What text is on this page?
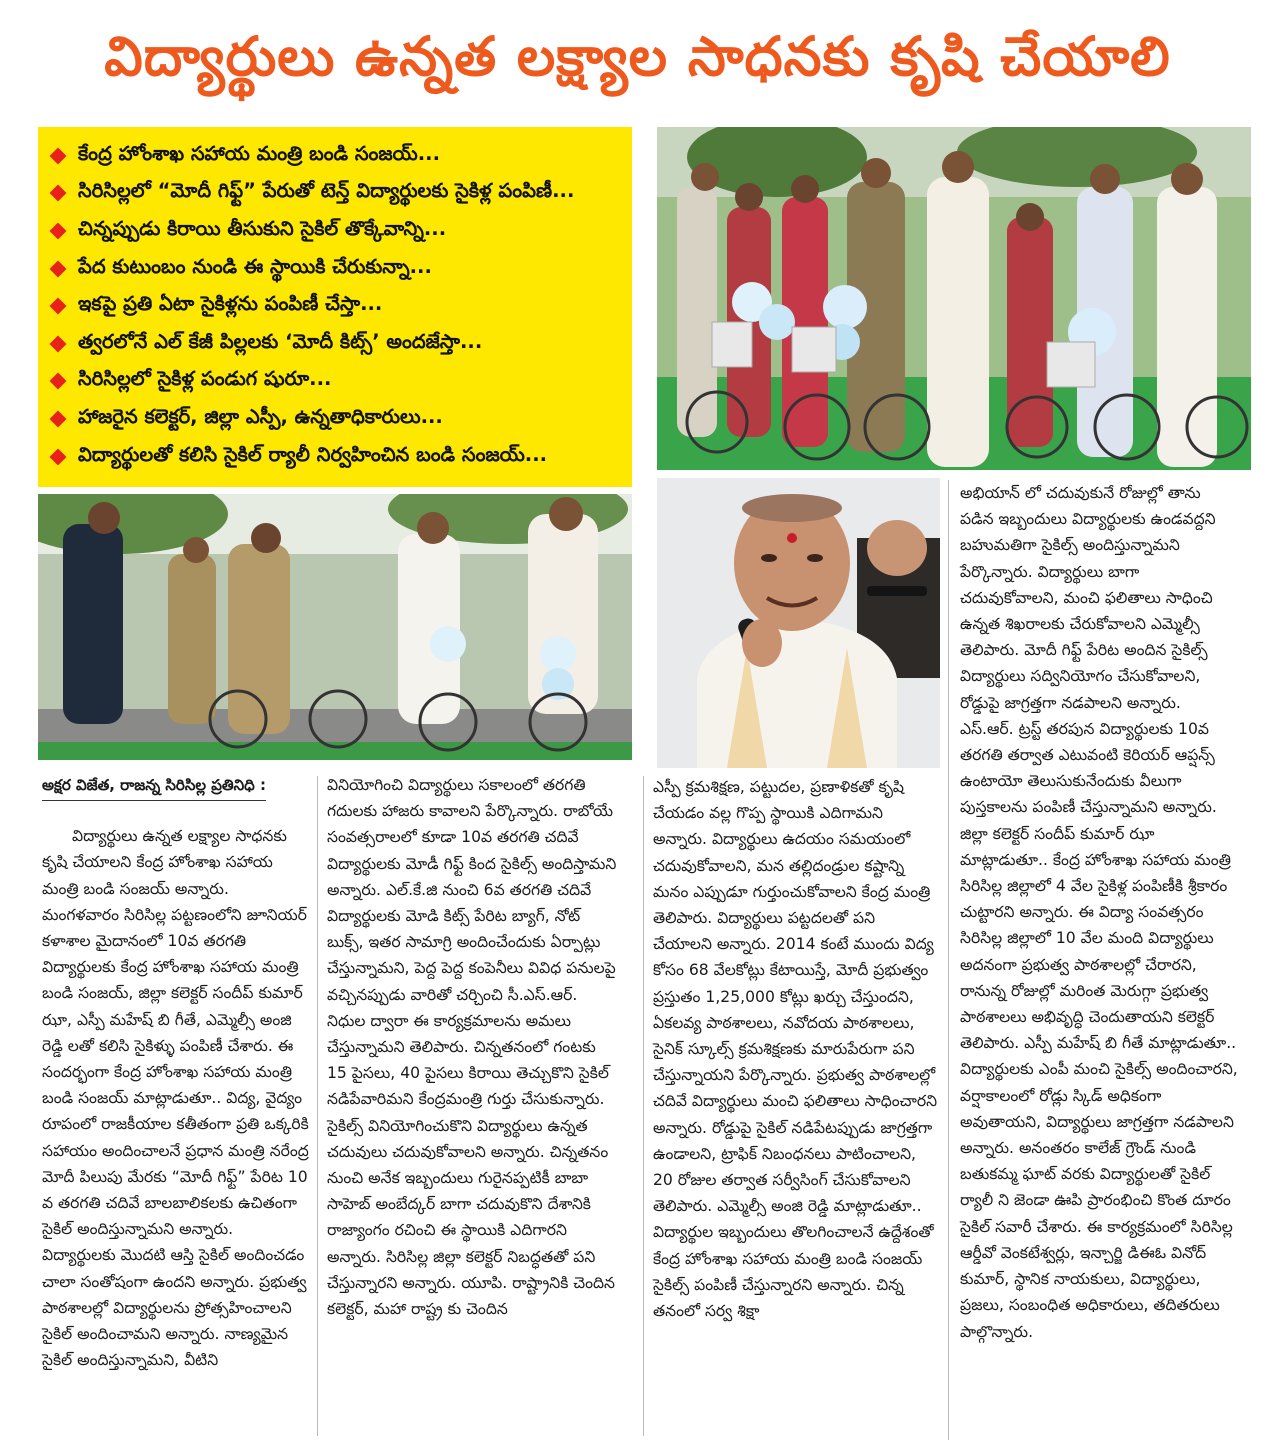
విద్యార్థులు ఉన్నత లక్ష్యాల సాధనకు కృషి చేయాలి
కేంద్ర హోంశాఖ సహాయ మంత్రి బండి సంజయ్...
సిరిసిల్లలో “మోదీ గిఫ్ట్” పేరుతో టెన్త్ విద్యార్థులకు సైకిళ్ల పంపిణీ...
చిన్నప్పుడు కిరాయి తీసుకుని సైకిల్ తొక్కేవాన్ని...
పేద కుటుంబం నుండి ఈ స్థాయికి చేరుకున్నా...
ఇకపై ప్రతి ఏటా సైకిళ్లను పంపిణీ చేస్తా...
త్వరలోనే ఎల్ కేజీ పిల్లలకు ‘మోదీ కిట్స్’ అందజేస్తా...
సిరిసిల్లలో సైకిళ్ల పండుగ షురూ...
హాజరైన కలెక్టర్, జిల్లా ఎస్పీ, ఉన్నతాధికారులు...
విద్యార్థులతో కలిసి సైకిల్ ర్యాలీ నిర్వహించిన బండి సంజయ్...
అక్షర విజేత, రాజన్న సిరిసిల్ల ప్రతినిధి :

విద్యార్థులు ఉన్నత లక్ష్యాల సాధనకు కృషి చేయాలని కేంద్ర హోంశాఖ సహాయ మంత్రి బండి సంజయ్ అన్నారు. మంగళవారం సిరిసిల్ల పట్టణంలోని జూనియర్ కళాశాల మైదానంలో 10వ తరగతి విద్యార్థులకు కేంద్ర హోంశాఖ సహాయ మంత్రి బండి సంజయ్, జిల్లా కలెక్టర్ సందీప్ కుమార్ ఝా, ఎస్పీ మహేష్ బి గీతే, ఎమ్మెల్సీ అంజి రెడ్డి లతో కలిసి సైకిళ్ళు పంపిణీ చేశారు. ఈ సందర్భంగా కేంద్ర హోంశాఖ సహాయ మంత్రి బండి సంజయ్ మాట్లాడుతూ.. విద్య, వైద్యం రూపంలో రాజకీయాల కతీతంగా ప్రతి ఒక్కరికి సహాయం అందించాలనే ప్రధాన మంత్రి నరేంద్ర మోదీ పిలుపు మేరకు “మోదీ గిఫ్ట్” పేరిట 10 వ తరగతి చదివే బాలబాలికలకు ఉచితంగా సైకిల్ అందిస్తున్నామని అన్నారు. విద్యార్థులకు మొదటి ఆస్తి సైకిల్ అందించడం చాలా సంతోషంగా ఉందని అన్నారు. ప్రభుత్వ పాఠశాలల్లో విద్యార్థులను ప్రోత్సహించాలని సైకిల్ అందించామని అన్నారు. నాణ్యమైన సైకిల్ అందిస్తున్నామని, వీటిని

వినియోగించి విద్యార్థులు సకాలంలో తరగతి గదులకు హాజరు కావాలని పేర్కొన్నారు. రాబోయే సంవత్సరాలలో కూడా 10వ తరగతి చదివే విద్యార్థులకు మోడీ గిఫ్ట్ కింద సైకిల్స్ అందిస్తామని అన్నారు. ఎల్.కే.జి నుంచి 6వ తరగతి చదివే విద్యార్థులకు మోడి కిట్స్ పేరిట బ్యాగ్, నోట్ బుక్స్, ఇతర సామాగ్రి అందించేందుకు ఏర్పాట్లు చేస్తున్నామని, పెద్ద పెద్ద కంపెనీలు వివిధ పనులపై వచ్చినప్పుడు వారితో చర్చించి సీ.ఎస్.ఆర్. నిధుల ద్వారా ఈ కార్యక్రమాలను అమలు చేస్తున్నామని తెలిపారు. చిన్నతనంలో గంటకు 15 పైసలు, 40 పైసలు కిరాయి తెచ్చుకొని సైకిల్ నడిపేవారిమని కేంద్రమంత్రి గుర్తు చేసుకున్నారు. సైకిల్స్ వినియోగించుకొని విద్యార్థులు ఉన్నత చదువులు చదువుకోవాలని అన్నారు. చిన్నతనం నుంచి అనేక ఇబ్బందులు గురైనప్పటికీ బాబా సాహెబ్ అంబేద్కర్ బాగా చదువుకొని దేశానికి రాజ్యాంగం రచించి ఈ స్థాయికి ఎదిగారని అన్నారు. సిరిసిల్ల జిల్లా కలెక్టర్ నిబద్ధతతో పని చేస్తున్నారని అన్నారు. యూపి. రాష్ట్రానికి చెందిన కలెక్టర్, మహా రాష్ట్ర కు చెందిన

ఎస్పీ క్రమశిక్షణ, పట్టుదల, ప్రణాళికతో కృషి చేయడం వల్ల గొప్ప స్థాయికి ఎదిగామని అన్నారు. విద్యార్థులు ఉదయం సమయంలో చదువుకోవాలని, మన తల్లిదండ్రుల కష్టాన్ని మనం ఎప్పుడూ గుర్తుంచుకోవాలని కేంద్ర మంత్రి తెలిపారు. విద్యార్థులు పట్టదలతో పని చేయాలని అన్నారు. 2014 కంటే ముందు విద్య కోసం 68 వేలకోట్లు కేటాయిస్తే, మోదీ ప్రభుత్వం ప్రస్తుతం 1,25,000 కోట్లు ఖర్చు చేస్తుందని, ఏకలవ్య పాఠశాలలు, నవోదయ పాఠశాలలు, సైనిక్ స్కూల్స్ క్రమశిక్షణకు మారుపేరుగా పని చేస్తున్నాయని పేర్కొన్నారు. ప్రభుత్వ పాఠశాలల్లో చదివే విద్యార్థులు మంచి ఫలితాలు సాధించారని అన్నారు. రోడ్డుపై సైకిల్ నడిపేటప్పుడు జాగ్రత్తగా ఉండాలని, ట్రాఫిక్ నిబంధనలు పాటించాలని, 20 రోజుల తర్వాత సర్వీసింగ్ చేసుకోవాలని తెలిపారు. ఎమ్మెల్సీ అంజి రెడ్డి మాట్లాడుతూ.. విద్యార్థుల ఇబ్బందులు తొలగించాలనే ఉద్దేశంతో కేంద్ర హోంశాఖ సహాయ మంత్రి బండి సంజయ్ సైకిల్స్ పంపిణీ చేస్తున్నారని అన్నారు. చిన్న తనంలో సర్వ శిక్షా

అభియాన్ లో చదువుకునే రోజుల్లో తాను పడిన ఇబ్బందులు విద్యార్థులకు ఉండవద్దని బహుమతిగా సైకిల్స్ అందిస్తున్నామని పేర్కొన్నారు. విద్యార్థులు బాగా చదువుకోవాలని, మంచి ఫలితాలు సాధించి ఉన్నత శిఖరాలకు చేరుకోవాలని ఎమ్మెల్సీ తెలిపారు. మోదీ గిఫ్ట్ పేరిట అందిన సైకిల్స్ విద్యార్థులు సద్వినియోగం చేసుకోవాలని, రోడ్డుపై జాగ్రత్తగా నడపాలని అన్నారు. ఎస్.ఆర్. ట్రస్ట్ తరపున విద్యార్థులకు 10వ తరగతి తర్వాత ఎటువంటి కెరియర్ ఆప్షన్స్ ఉంటాయో తెలుసుకునేందుకు వీలుగా పుస్తకాలను పంపిణీ చేస్తున్నామని అన్నారు. జిల్లా కలెక్టర్ సందీప్ కుమార్ ఝా మాట్లాడుతూ.. కేంద్ర హోంశాఖ సహాయ మంత్రి సిరిసిల్ల జిల్లాలో 4 వేల సైకిళ్ల పంపిణీకి శ్రీకారం చుట్టారని అన్నారు. ఈ విద్యా సంవత్సరం సిరిసిల్ల జిల్లాలో 10 వేల మంది విద్యార్థులు అదనంగా ప్రభుత్వ పాఠశాలల్లో చేరారని, రానున్న రోజుల్లో మరింత మెరుగ్గా ప్రభుత్వ పాఠశాలలు అభివృద్ధి చెందుతాయని కలెక్టర్ తెలిపారు. ఎస్పీ మహేష్ బి గీతే మాట్లాడుతూ.. విద్యార్థులకు ఎంపీ మంచి సైకిల్స్ అందించారని, వర్షాకాలంలో రోడ్లు స్కిడ్ అధికంగా అవుతాయని, విద్యార్థులు జాగ్రత్తగా నడపాలని అన్నారు. అనంతరం కాలేజ్ గ్రౌండ్ నుండి బతుకమ్మ ఘాట్ వరకు విద్యార్థులతో సైకిల్ ర్యాలీ ని జెండా ఊపి ప్రారంభించి కొంత దూరం సైకిల్ సవారీ చేశారు. ఈ కార్యక్రమంలో సిరిసిల్ల ఆర్డీవో వెంకటేశ్వర్లు, ఇన్చార్జి డిఈఓ వినోద్ కుమార్, స్థానిక నాయకులు, విద్యార్థులు, ప్రజలు, సంబంధిత అధికారులు, తదితరులు పాల్గొన్నారు.
